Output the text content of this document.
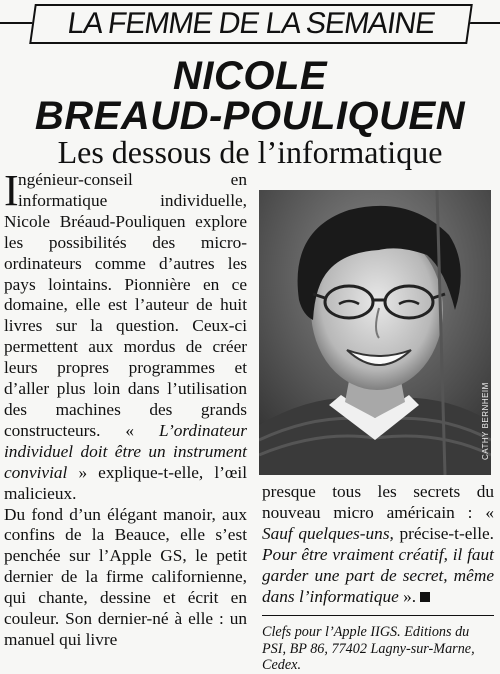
LA FEMME DE LA SEMAINE
NICOLE
BREAUD-POULIQUEN
Les dessous de l’informatique

Ingénieur-conseil en informatique individuelle, Nicole Bréaud-Pouliquen explore les possibilités des micro-ordinateurs comme d’autres les pays lointains. Pionnière en ce domaine, elle est l’auteur de huit livres sur la question. Ceux-ci permettent aux mordus de créer leurs propres programmes et d’aller plus loin dans l’utilisation des machines des grands constructeurs. « L’ordinateur individuel doit être un instrument convivial » explique-t-elle, l’œil malicieux.

Du fond d’un élégant manoir, aux confins de la Beauce, elle s’est penchée sur l’Apple GS, le petit dernier de la firme californienne, qui chante, dessine et écrit en couleur. Son dernier-né à elle : un manuel qui livre

CATHY BERNHEIM

presque tous les secrets du nouveau micro américain : « Sauf quelques-uns, précise-t-elle. Pour être vraiment créatif, il faut garder une part de secret, même dans l’informatique ».

Clefs pour l’Apple IIGS. Editions du PSI, BP 86, 77402 Lagny-sur-Marne, Cedex.
